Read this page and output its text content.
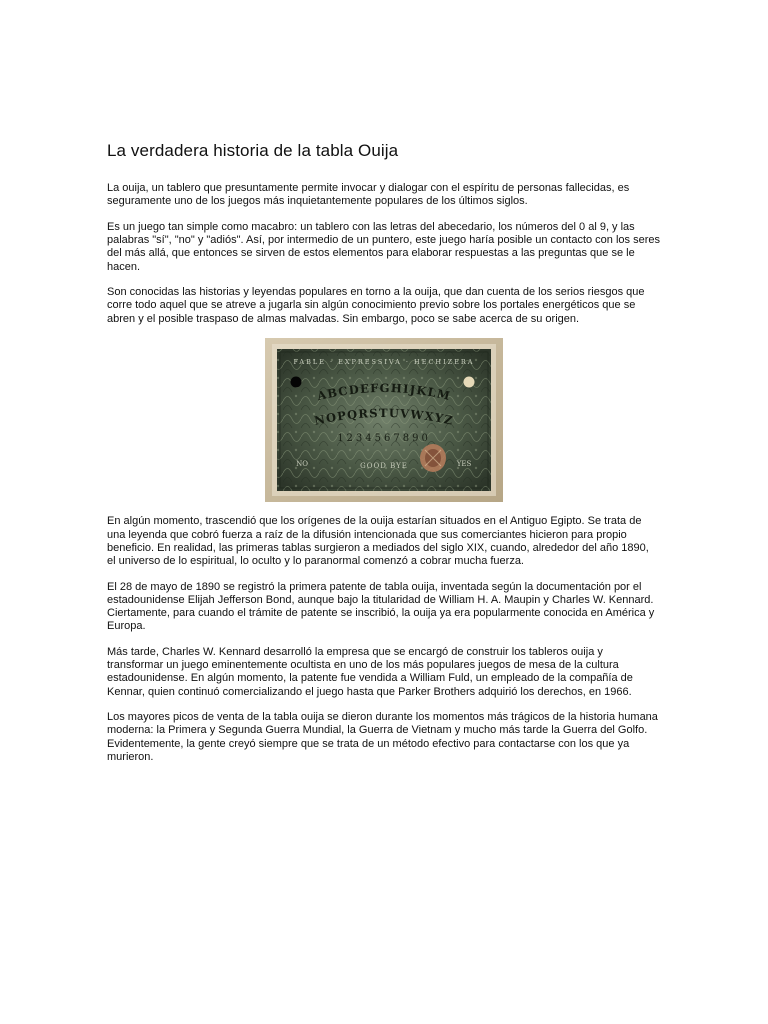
La verdadera historia de la tabla Ouija

La ouija, un tablero que presuntamente permite invocar y dialogar con el espíritu de personas fallecidas, es seguramente uno de los juegos más inquietantemente populares de los últimos siglos.

Es un juego tan simple como macabro: un tablero con las letras del abecedario, los números del 0 al 9, y las palabras "sí", "no" y "adiós". Así, por intermedio de un puntero, este juego haría posible un contacto con los seres del más allá, que entonces se sirven de estos elementos para elaborar respuestas a las preguntas que se le hacen.

Son conocidas las historias y leyendas populares en torno a la ouija, que dan cuenta de los serios riesgos que corre todo aquel que se atreve a jugarla sin algún conocimiento previo sobre los portales energéticos que se abren y el posible traspaso de almas malvadas. Sin embargo, poco se sabe acerca de su origen.

FABLE · EXPRESSIVA · HECHIZERA
ABCDEFGHIJKLM
NOPQRSTUVWXYZ
1234567890
NO	GOOD BYE	YES

En algún momento, trascendió que los orígenes de la ouija estarían situados en el Antiguo Egipto. Se trata de una leyenda que cobró fuerza a raíz de la difusión intencionada que sus comerciantes hicieron para propio beneficio. En realidad, las primeras tablas surgieron a mediados del siglo XIX, cuando, alrededor del año 1890, el universo de lo espiritual, lo oculto y lo paranormal comenzó a cobrar mucha fuerza.

El 28 de mayo de 1890 se registró la primera patente de tabla ouija, inventada según la documentación por el estadounidense Elijah Jefferson Bond, aunque bajo la titularidad de William H. A. Maupin y Charles W. Kennard. Ciertamente, para cuando el trámite de patente se inscribió, la ouija ya era popularmente conocida en América y Europa.

Más tarde, Charles W. Kennard desarrolló la empresa que se encargó de construir los tableros ouija y transformar un juego eminentemente ocultista en uno de los más populares juegos de mesa de la cultura estadounidense. En algún momento, la patente fue vendida a William Fuld, un empleado de la compañía de Kennar, quien continuó comercializando el juego hasta que Parker Brothers adquirió los derechos, en 1966.

Los mayores picos de venta de la tabla ouija se dieron durante los momentos más trágicos de la historia humana moderna: la Primera y Segunda Guerra Mundial, la Guerra de Vietnam y mucho más tarde la Guerra del Golfo. Evidentemente, la gente creyó siempre que se trata de un método efectivo para contactarse con los que ya murieron.
